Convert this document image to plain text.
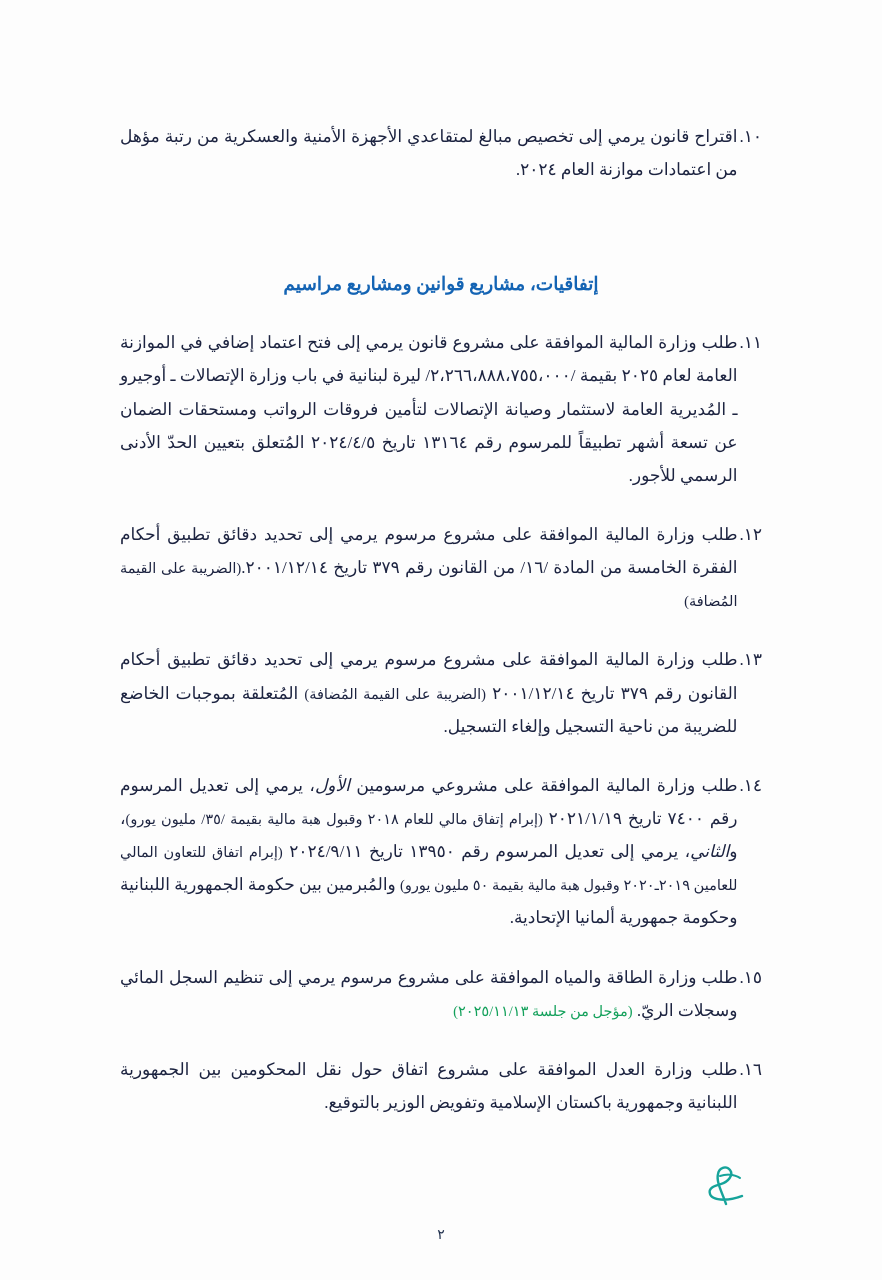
١٠.
اقتراح قانون يرمي إلى تخصيص مبالغ لمتقاعدي الأجهزة الأمنية والعسكرية من رتبة مؤهل من اعتمادات موازنة العام ٢٠٢٤.
إتفاقيات، مشاريع قوانين ومشاريع مراسيم
١١.
طلب وزارة المالية الموافقة على مشروع قانون يرمي إلى فتح اعتماد إضافي في الموازنة العامة لعام ٢٠٢٥ بقيمة /٢،٢٦٦،٨٨٨،٧٥٥،٠٠٠/ ليرة لبنانية في باب وزارة الإتصالات ـ أوجيرو ـ المُديرية العامة لاستثمار وصيانة الإتصالات لتأمين فروقات الرواتب ومستحقات الضمان عن تسعة أشهر تطبيقاً للمرسوم رقم ١٣١٦٤ تاريخ ٢٠٢٤/٤/٥ المُتعلق بتعيين الحدّ الأدنى الرسمي للأجور.
١٢.
طلب وزارة المالية الموافقة على مشروع مرسوم يرمي إلى تحديد دقائق تطبيق أحكام الفقرة الخامسة من المادة /١٦/ من القانون رقم ٣٧٩ تاريخ ٢٠٠١/١٢/١٤.(الضريبة على القيمة المُضافة)
١٣.
طلب وزارة المالية الموافقة على مشروع مرسوم يرمي إلى تحديد دقائق تطبيق أحكام القانون رقم ٣٧٩ تاريخ ٢٠٠١/١٢/١٤ (الضريبة على القيمة المُضافة) المُتعلقة بموجبات الخاضع للضريبة من ناحية التسجيل وإلغاء التسجيل.
١٤.
طلب وزارة المالية الموافقة على مشروعي مرسومين الأول، يرمي إلى تعديل المرسوم رقم ٧٤٠٠ تاريخ ٢٠٢١/١/١٩ (إبرام إتفاق مالي للعام ٢٠١٨ وقبول هبة مالية بقيمة /٣٥/ مليون يورو)، والثاني، يرمي إلى تعديل المرسوم رقم ١٣٩٥٠ تاريخ ٢٠٢٤/٩/١١ (إبرام اتفاق للتعاون المالي للعامين ٢٠١٩ـ٢٠٢٠ وقبول هبة مالية بقيمة ٥٠ مليون يورو) والمُبرمين بين حكومة الجمهورية اللبنانية وحكومة جمهورية ألمانيا الإتحادية.
١٥.
طلب وزارة الطاقة والمياه الموافقة على مشروع مرسوم يرمي إلى تنظيم السجل المائي وسجلات الريّ. (مؤجل من جلسة ٢٠٢٥/١١/١٣)
١٦.
طلب وزارة العدل الموافقة على مشروع اتفاق حول نقل المحكومين بين الجمهورية اللبنانية وجمهورية باكستان الإسلامية وتفويض الوزير بالتوقيع.
٢
